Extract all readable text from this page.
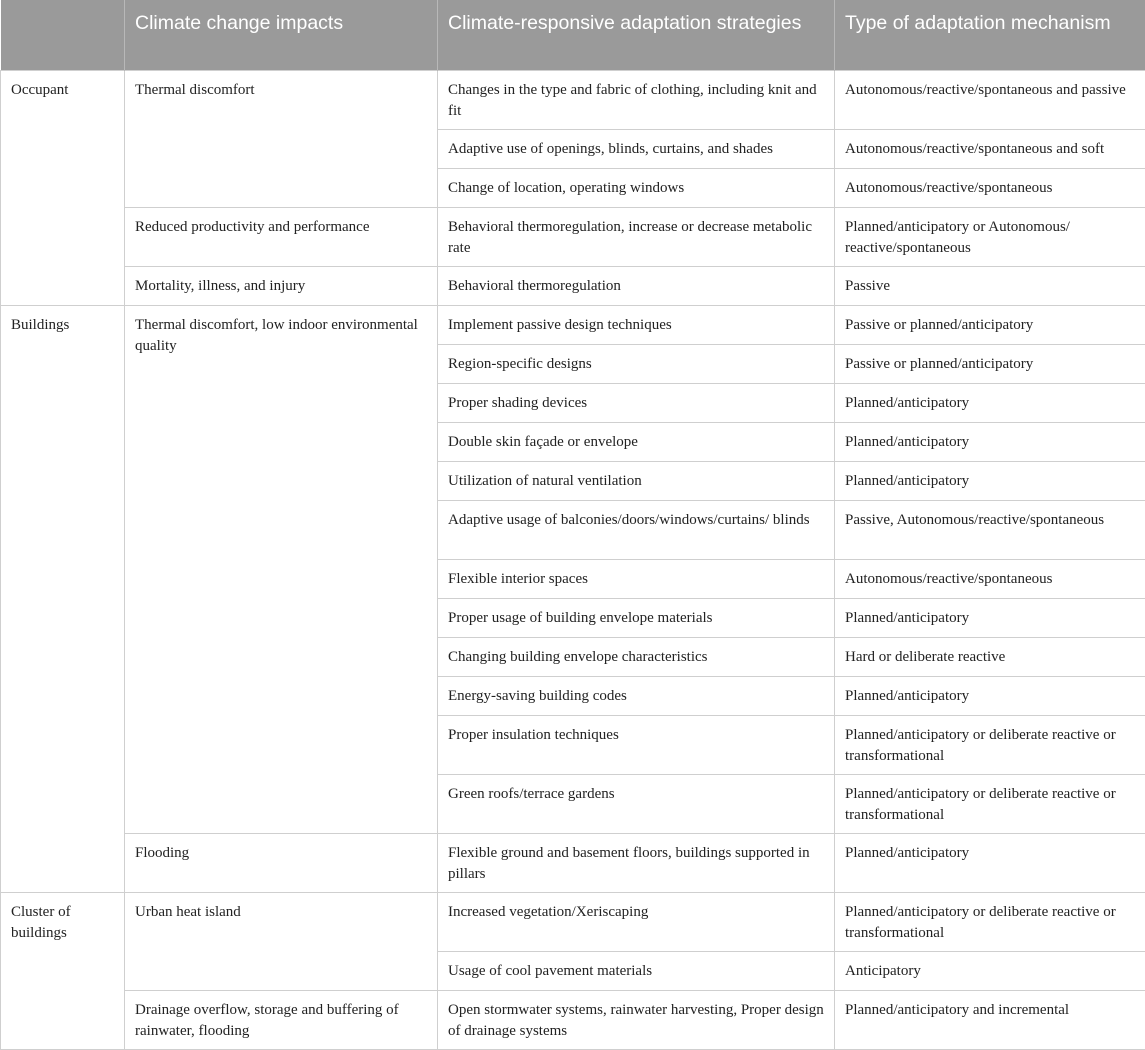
	Climate change impacts	Climate-responsive adaptation strategies	Type of adaptation mechanism
Occupant	Thermal discomfort	Changes in the type and fabric of clothing, including knit and fit	Autonomous/reactive/spontaneous and passive
		Adaptive use of openings, blinds, curtains, and shades	Autonomous/reactive/spontaneous and soft
		Change of location, operating windows	Autonomous/reactive/spontaneous
	Reduced productivity and performance	Behavioral thermoregulation, increase or decrease metabolic rate	Planned/anticipatory or Autonomous/ reactive/spontaneous
	Mortality, illness, and injury	Behavioral thermoregulation	Passive
Buildings	Thermal discomfort, low indoor environmental quality	Implement passive design techniques	Passive or planned/anticipatory
		Region-specific designs	Passive or planned/anticipatory
		Proper shading devices	Planned/anticipatory
		Double skin façade or envelope	Planned/anticipatory
		Utilization of natural ventilation	Planned/anticipatory
		Adaptive usage of balconies/doors/windows/curtains/ blinds	Passive, Autonomous/reactive/spontaneous
		Flexible interior spaces	Autonomous/reactive/spontaneous
		Proper usage of building envelope materials	Planned/anticipatory
		Changing building envelope characteristics	Hard or deliberate reactive
		Energy-saving building codes	Planned/anticipatory
		Proper insulation techniques	Planned/anticipatory or deliberate reactive or transformational
		Green roofs/terrace gardens	Planned/anticipatory or deliberate reactive or transformational
	Flooding	Flexible ground and basement floors, buildings supported in pillars	Planned/anticipatory
Cluster of buildings	Urban heat island	Increased vegetation/Xeriscaping	Planned/anticipatory or deliberate reactive or transformational
		Usage of cool pavement materials	Anticipatory
	Drainage overflow, storage and buffering of rainwater, flooding	Open stormwater systems, rainwater harvesting, Proper design of drainage systems	Planned/anticipatory and incremental
